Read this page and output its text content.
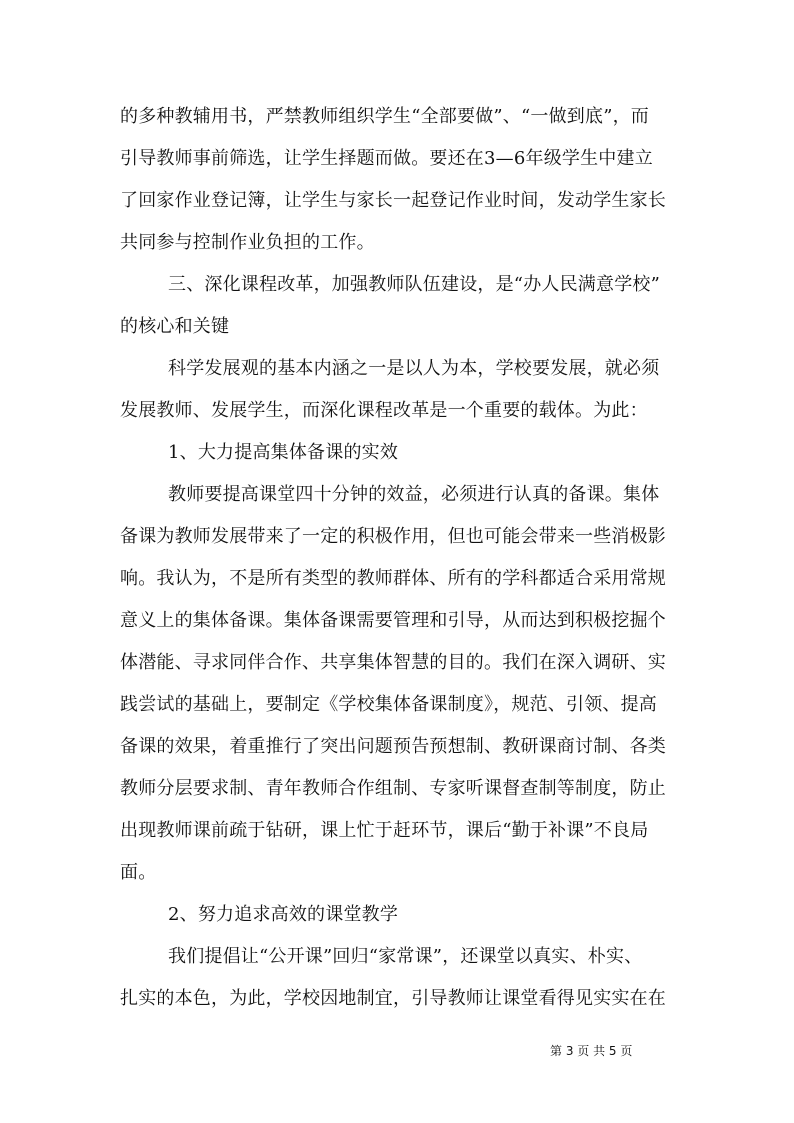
的多种教辅用书，严禁教师组织学生“全部要做”、“一做到底”，而
引导教师事前筛选，让学生择题而做。要还在3—6年级学生中建立
了回家作业登记簿，让学生与家长一起登记作业时间，发动学生家长
共同参与控制作业负担的工作。
三、深化课程改革，加强教师队伍建设，是“办人民满意学校”
的核心和关键
科学发展观的基本内涵之一是以人为本，学校要发展，就必须
发展教师、发展学生，而深化课程改革是一个重要的载体。为此：
1、大力提高集体备课的实效
教师要提高课堂四十分钟的效益，必须进行认真的备课。集体
备课为教师发展带来了一定的积极作用，但也可能会带来一些消极影
响。我认为，不是所有类型的教师群体、所有的学科都适合采用常规
意义上的集体备课。集体备课需要管理和引导，从而达到积极挖掘个
体潜能、寻求同伴合作、共享集体智慧的目的。我们在深入调研、实
践尝试的基础上，要制定《学校集体备课制度》，规范、引领、提高
备课的效果，着重推行了突出问题预告预想制、教研课商讨制、各类
教师分层要求制、青年教师合作组制、专家听课督查制等制度，防止
出现教师课前疏于钻研，课上忙于赶环节，课后“勤于补课”不良局
面。
2、努力追求高效的课堂教学
我们提倡让“公开课”回归“家常课”，还课堂以真实、朴实、
扎实的本色，为此，学校因地制宜，引导教师让课堂看得见实实在在
第 3 页 共 5 页
